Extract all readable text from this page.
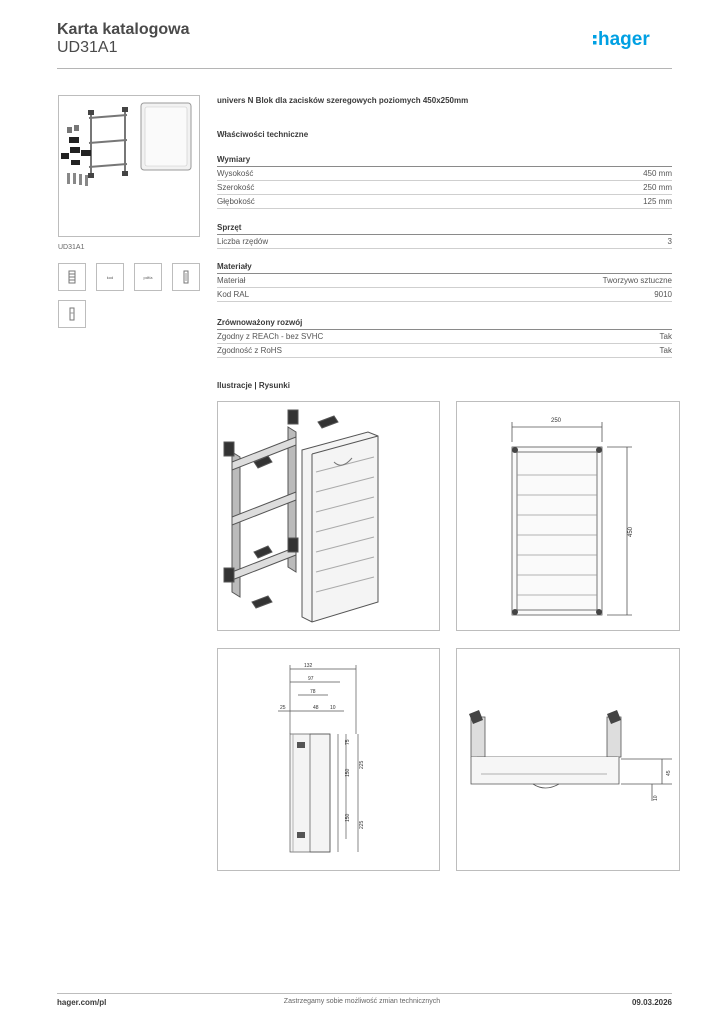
Karta katalogowa
UD31A1	hager
UD31A1
kod	pdf/a
univers N Blok dla zacisków szeregowych poziomych 450x250mm
Właściwości techniczne
Wymiary
Wysokość	450 mm
Szerokość	250 mm
Głębokość	125 mm
Sprzęt
Liczba rzędów	3
Materiały
Materiał	Tworzywo sztuczne
Kod RAL	9010
Zrównoważony rozwój
Zgodny z REACh - bez SVHC	Tak
Zgodność z RoHS	Tak
Ilustracje | Rysunki
250
450
132
97
78
25	48 10
75
225
150
150
225
45
10
hager.com/pl	Zastrzegamy sobie możliwość zmian technicznych	09.03.2026
